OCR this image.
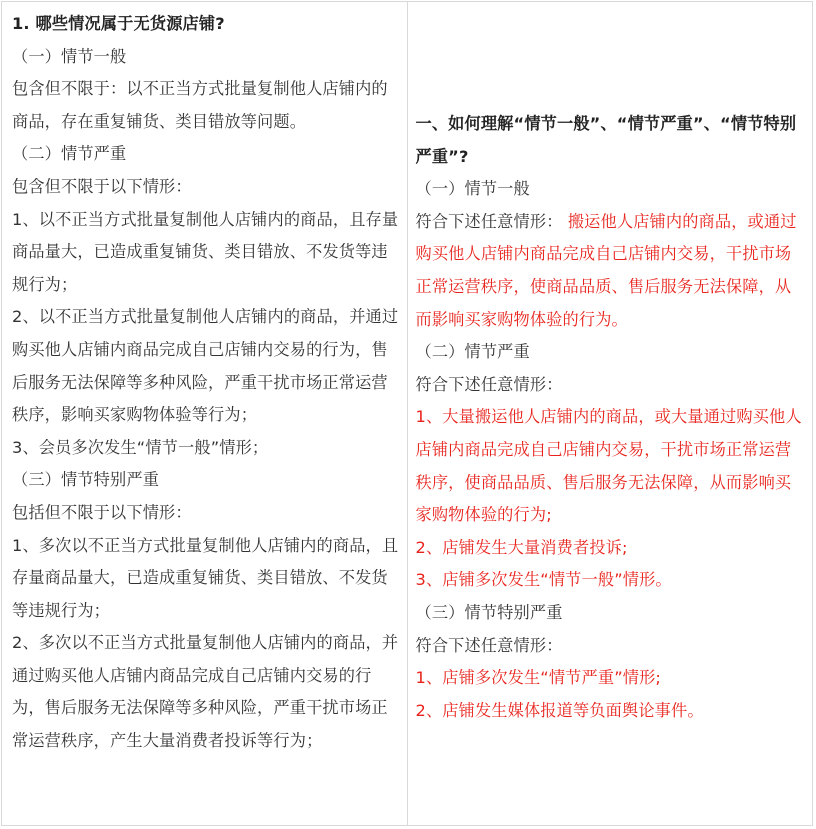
1. 哪些情况属于无货源店铺?

（一）情节一般

包含但不限于：以不正当方式批量复制他人店铺内的商品，存在重复铺货、类目错放等问题。

（二）情节严重

包含但不限于以下情形：

1、以不正当方式批量复制他人店铺内的商品，且存量商品量大，已造成重复铺货、类目错放、不发货等违规行为；

2、以不正当方式批量复制他人店铺内的商品，并通过购买他人店铺内商品完成自己店铺内交易的行为，售后服务无法保障等多种风险，严重干扰市场正常运营秩序，影响买家购物体验等行为；

3、会员多次发生“情节一般”情形；

（三）情节特别严重

包括但不限于以下情形：

1、多次以不正当方式批量复制他人店铺内的商品，且存量商品量大，已造成重复铺货、类目错放、不发货等违规行为；

2、多次以不正当方式批量复制他人店铺内的商品，并通过购买他人店铺内商品完成自己店铺内交易的行为，售后服务无法保障等多种风险，严重干扰市场正常运营秩序，产生大量消费者投诉等行为；

一、如何理解“情节一般”、“情节严重”、“情节特别严重”?

（一）情节一般

符合下述任意情形： 搬运他人店铺内的商品，或通过购买他人店铺内商品完成自己店铺内交易，干扰市场正常运营秩序，使商品品质、售后服务无法保障，从而影响买家购物体验的行为。

（二）情节严重

符合下述任意情形：

1、大量搬运他人店铺内的商品，或大量通过购买他人店铺内商品完成自己店铺内交易，干扰市场正常运营秩序，使商品品质、售后服务无法保障，从而影响买家购物体验的行为;

2、店铺发生大量消费者投诉;

3、店铺多次发生“情节一般”情形。

（三）情节特别严重

符合下述任意情形：

1、店铺多次发生“情节严重”情形;

2、店铺发生媒体报道等负面舆论事件。
